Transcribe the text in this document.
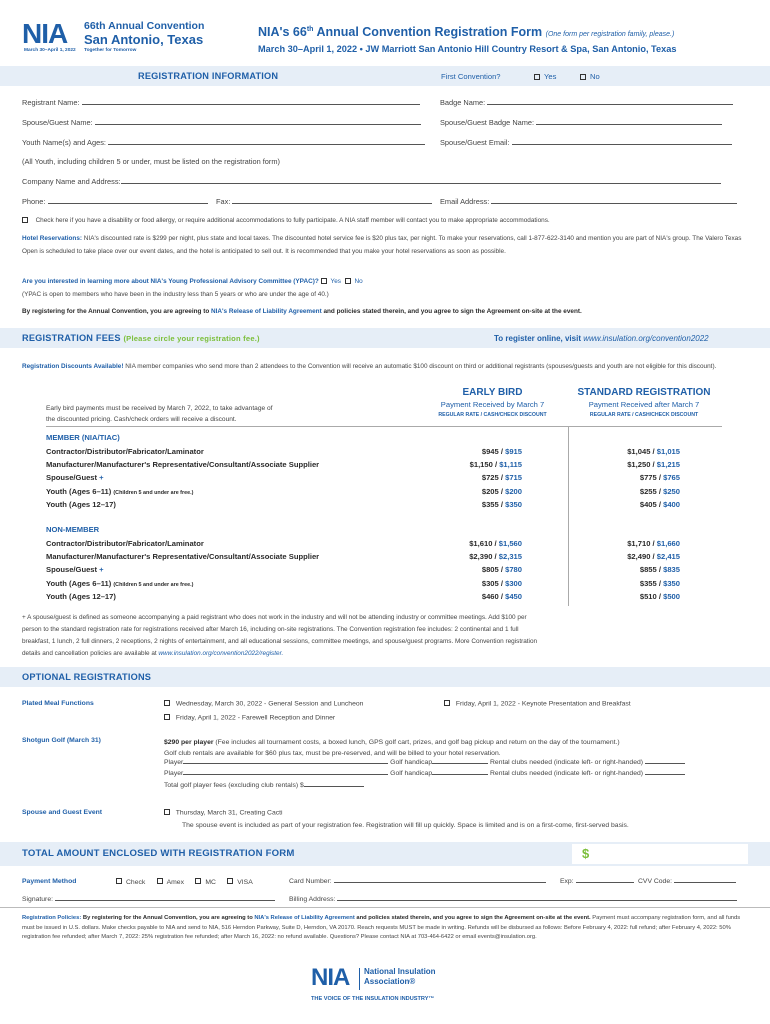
NIA 66th Annual Convention
San Antonio, Texas
March 30–April 1, 2022 Together for Tomorrow
NIA's 66th Annual Convention Registration Form (One form per registration family, please.)
March 30–April 1, 2022 • JW Marriott San Antonio Hill Country Resort & Spa, San Antonio, Texas
REGISTRATION INFORMATION	First Convention?	Yes	No
Registrant Name:	Badge Name:
Spouse/Guest Name:	Spouse/Guest Badge Name:
Youth Name(s) and Ages:	Spouse/Guest Email:
(All Youth, including children 5 or under, must be listed on the registration form)
Company Name and Address:
Phone:	Fax:	Email Address:
Check here if you have a disability or food allergy, or require additional accommodations to fully participate. A NIA staff member will contact you to make appropriate accommodations.
Hotel Reservations: NIA's discounted rate is $299 per night, plus state and local taxes. The discounted hotel service fee is $20 plus tax, per night. To make your reservations, call 1-877-622-3140 and mention you are part of NIA's group. The Valero Texas Open is scheduled to take place over our event dates, and the hotel is anticipated to sell out. It is recommended that you make your hotel reservations as soon as possible.
Are you interested in learning more about NIA's Young Professional Advisory Committee (YPAC)? Yes No
(YPAC is open to members who have been in the industry less than 5 years or who are under the age of 40.)
By registering for the Annual Convention, you are agreeing to NIA's Release of Liability Agreement and policies stated therein, and you agree to sign the Agreement on-site at the event.
REGISTRATION FEES (Please circle your registration fee.)	To register online, visit www.insulation.org/convention2022
Registration Discounts Available! NIA member companies who send more than 2 attendees to the Convention will receive an automatic $100 discount on third or additional registrants (spouses/guests and youth are not eligible for this discount).
Early bird payments must be received by March 7, 2022, to take advantage of
the discounted pricing. Cash/check orders will receive a discount.
EARLY BIRD
Payment Received by March 7
REGULAR RATE / CASH/CHECK DISCOUNT
STANDARD REGISTRATION
Payment Received after March 7
REGULAR RATE / CASH/CHECK DISCOUNT
MEMBER (NIA/TIAC)
Contractor/Distributor/Fabricator/Laminator	$945 / $915	$1,045 / $1,015
Manufacturer/Manufacturer's Representative/Consultant/Associate Supplier	$1,150 / $1,115	$1,250 / $1,215
Spouse/Guest +	$725 / $715	$775 / $765
Youth (Ages 6–11) (Children 5 and under are free.)	$205 / $200	$255 / $250
Youth (Ages 12–17)	$355 / $350	$405 / $400
NON-MEMBER
Contractor/Distributor/Fabricator/Laminator	$1,610 / $1,560	$1,710 / $1,660
Manufacturer/Manufacturer's Representative/Consultant/Associate Supplier	$2,390 / $2,315	$2,490 / $2,415
Spouse/Guest +	$805 / $780	$855 / $835
Youth (Ages 6–11) (Children 5 and under are free.)	$305 / $300	$355 / $350
Youth (Ages 12–17)	$460 / $450	$510 / $500
+ A spouse/guest is defined as someone accompanying a paid registrant who does not work in the industry and will not be attending industry or committee meetings. Add $100 per
person to the standard registration rate for registrations received after March 16, including on-site registrations. The Convention registration fee includes: 2 continental and 1 full
breakfast, 1 lunch, 2 full dinners, 2 receptions, 2 nights of entertainment, and all educational sessions, committee meetings, and spouse/guest programs. More Convention registration
details and cancellation policies are available at www.insulation.org/convention2022/register.
OPTIONAL REGISTRATIONS
Plated Meal Functions	Wednesday, March 30, 2022 - General Session and Luncheon	Friday, April 1, 2022 - Keynote Presentation and Breakfast
Friday, April 1, 2022 - Farewell Reception and Dinner
Shotgun Golf (March 31)	$290 per player (Fee includes all tournament costs, a boxed lunch, GPS golf cart, prizes, and golf bag pickup and return on the day of the tournament.)
Golf club rentals are available for $60 plus tax, must be pre-reserved, and will be billed to your hotel reservation.
Player	Golf handicap	Rental clubs needed (indicate left- or right-handed)
Player	Golf handicap	Rental clubs needed (indicate left- or right-handed)
Total golf player fees (excluding club rentals) $
Spouse and Guest Event	Thursday, March 31, Creating Cacti
The spouse event is included as part of your registration fee. Registration will fill up quickly. Space is limited and is on a first-come, first-served basis.
TOTAL AMOUNT ENCLOSED WITH REGISTRATION FORM	$
Payment Method	Check	Amex	MC	VISA	Card Number:	Exp:	CVV Code:
Signature:	Billing Address:
Registration Policies: By registering for the Annual Convention, you are agreeing to NIA's Release of Liability Agreement and policies stated therein, and you agree to sign the Agreement on-site at the event. Payment must accompany registration form, and all funds must be issued in U.S. dollars. Make checks payable to NIA and send to NIA, 516 Herndon Parkway, Suite D, Herndon, VA 20170. Reach requests MUST be made in writing. Refunds will be disbursed as follows: Before February 4, 2022: full refund; after February 4, 2022: 50% registration fee refunded; after March 7, 2022: 25% registration fee refunded; after March 16, 2022: no refund available. Questions? Please contact NIA at 703-464-6422 or email events@insulation.org.
NIA National Insulation
Association®
THE VOICE OF THE INSULATION INDUSTRY™
